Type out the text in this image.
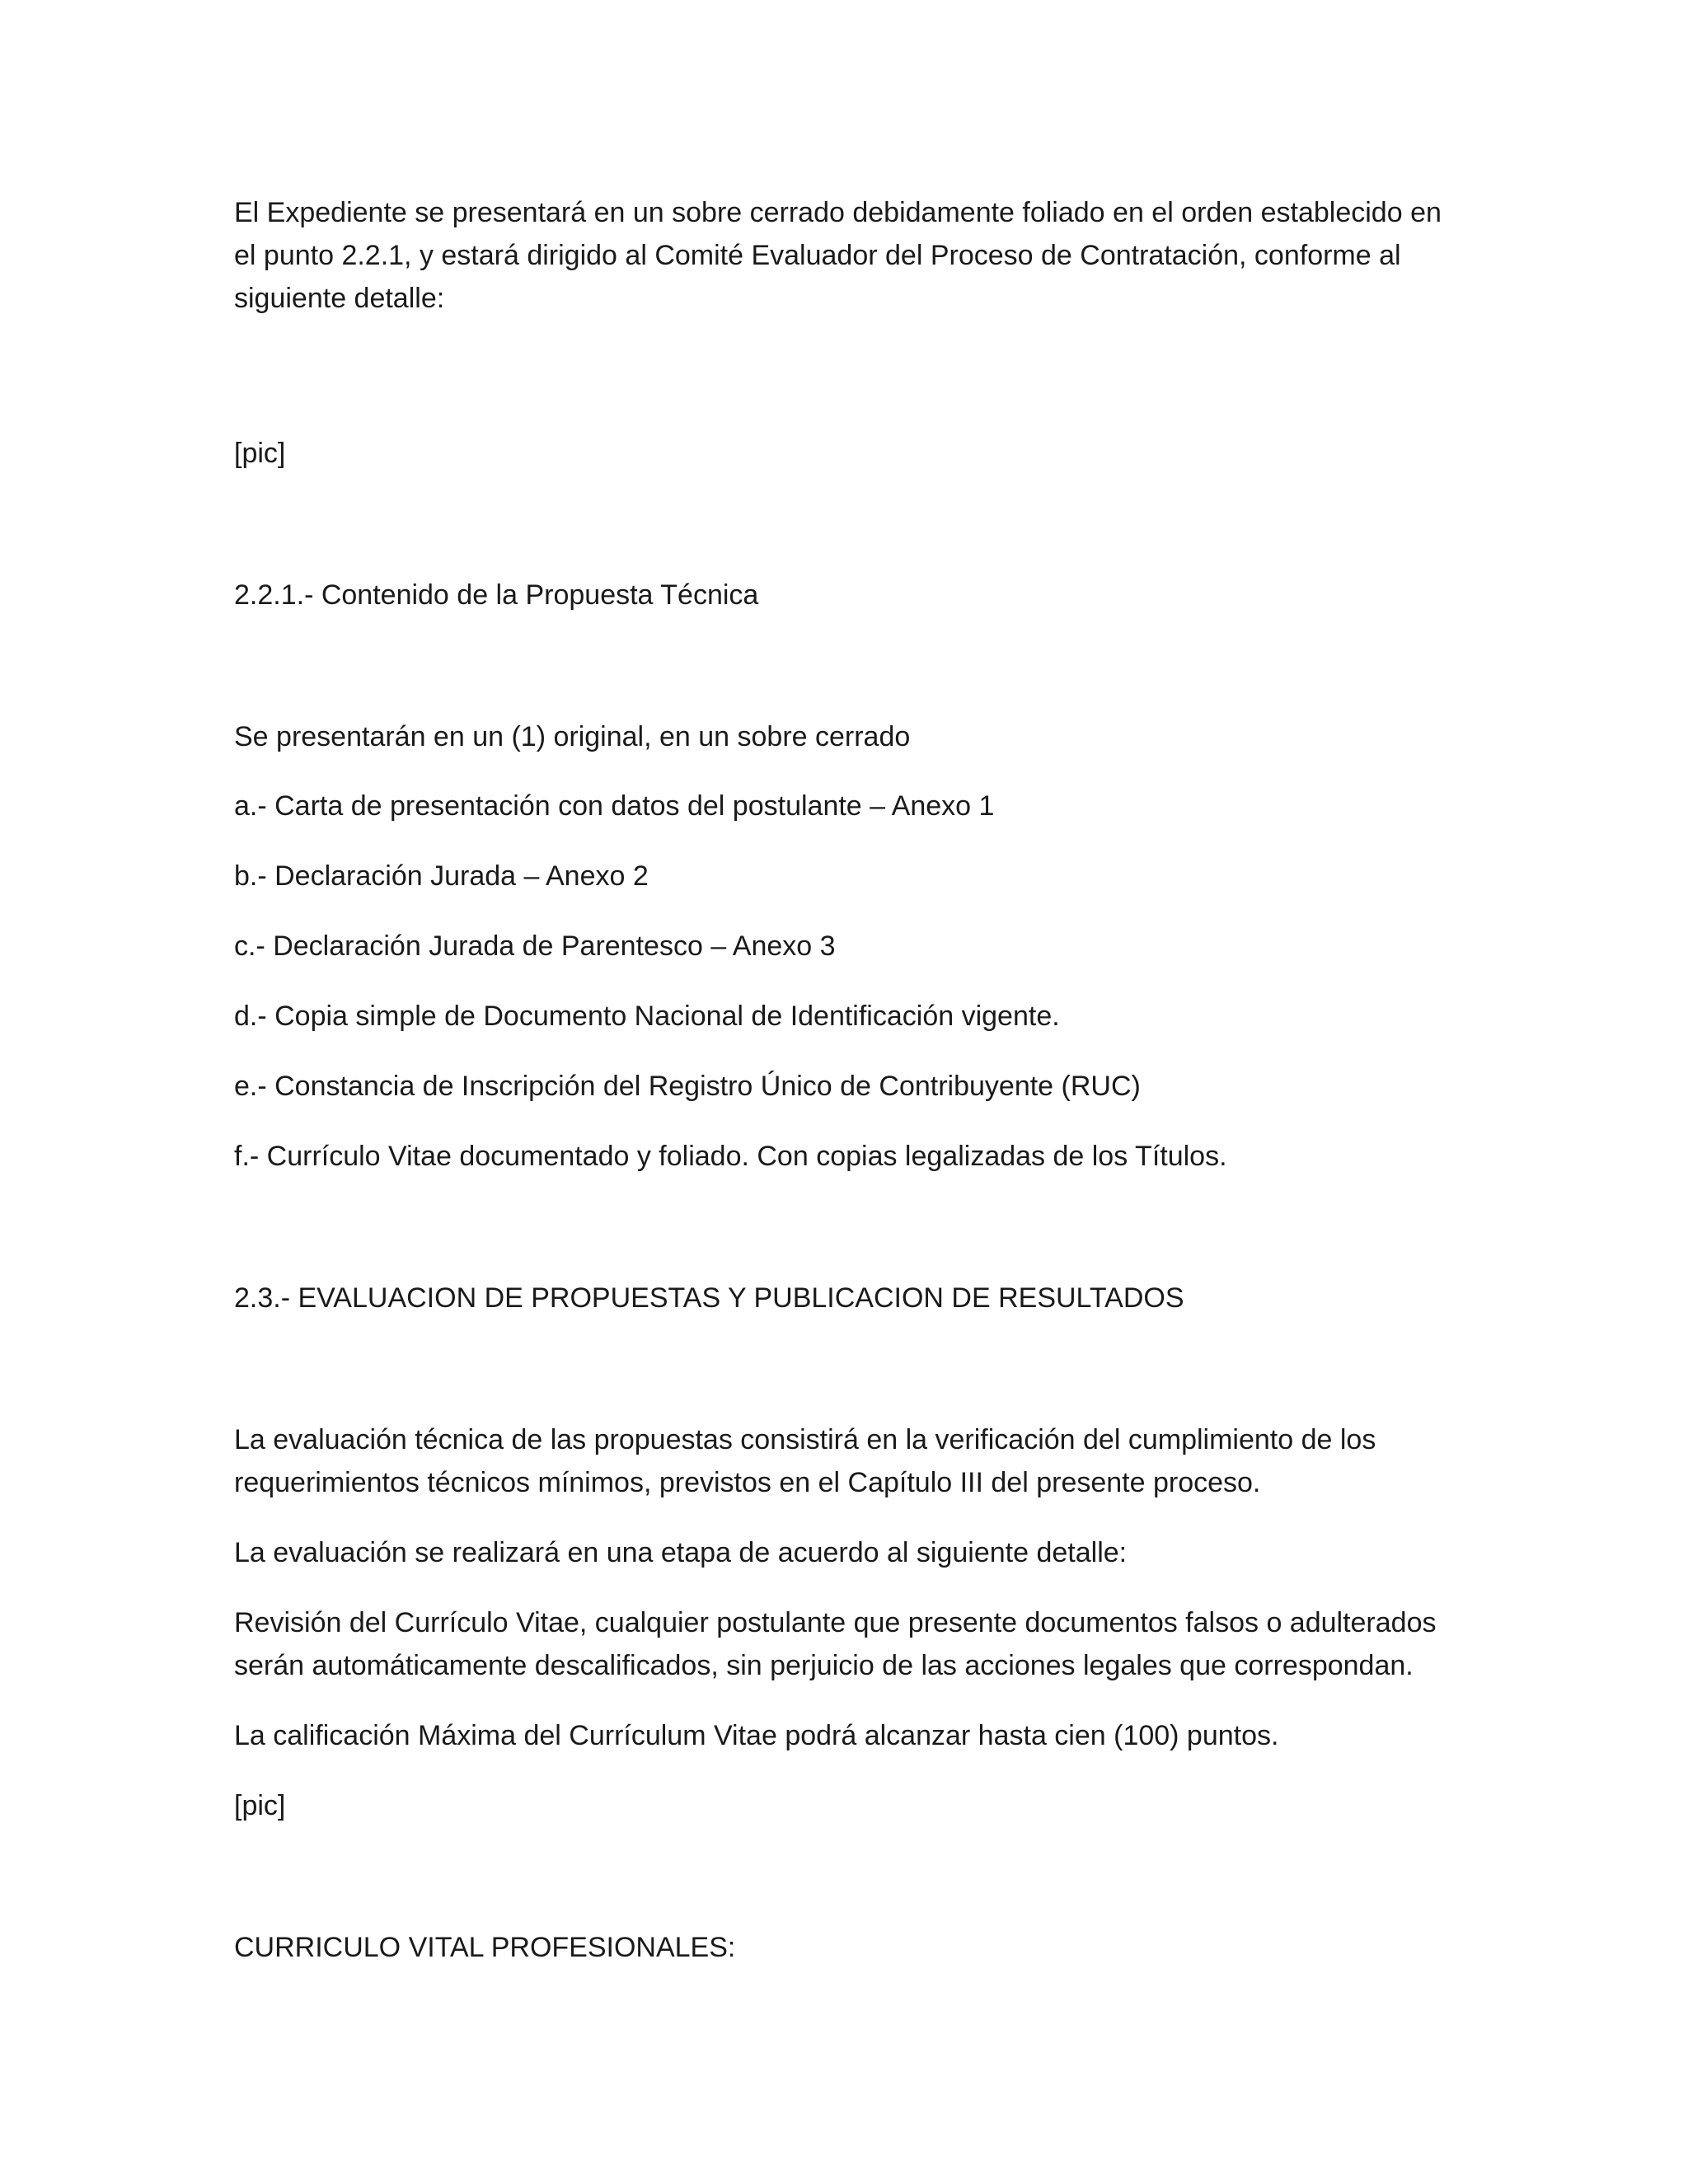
El Expediente se presentará en un sobre cerrado debidamente foliado en el orden establecido en el punto 2.2.1, y estará dirigido al Comité Evaluador del Proceso de Contratación, conforme al siguiente detalle:

[pic]

2.2.1.- Contenido de la Propuesta Técnica

Se presentarán en un (1) original, en un sobre cerrado

a.- Carta de presentación con datos del postulante – Anexo 1

b.- Declaración Jurada – Anexo 2

c.- Declaración Jurada de Parentesco – Anexo 3

d.- Copia simple de Documento Nacional de Identificación vigente.

e.- Constancia de Inscripción del Registro Único de Contribuyente (RUC)

f.- Currículo Vitae documentado y foliado. Con copias legalizadas de los Títulos.

2.3.- EVALUACION DE PROPUESTAS Y PUBLICACION DE RESULTADOS

La evaluación técnica de las propuestas consistirá en la verificación del cumplimiento de los requerimientos técnicos mínimos, previstos en el Capítulo III del presente proceso.

La evaluación se realizará en una etapa de acuerdo al siguiente detalle:

Revisión del Currículo Vitae, cualquier postulante que presente documentos falsos o adulterados serán automáticamente descalificados, sin perjuicio de las acciones legales que correspondan.

La calificación Máxima del Currículum Vitae podrá alcanzar hasta cien (100) puntos.

[pic]

CURRICULO VITAL PROFESIONALES:
